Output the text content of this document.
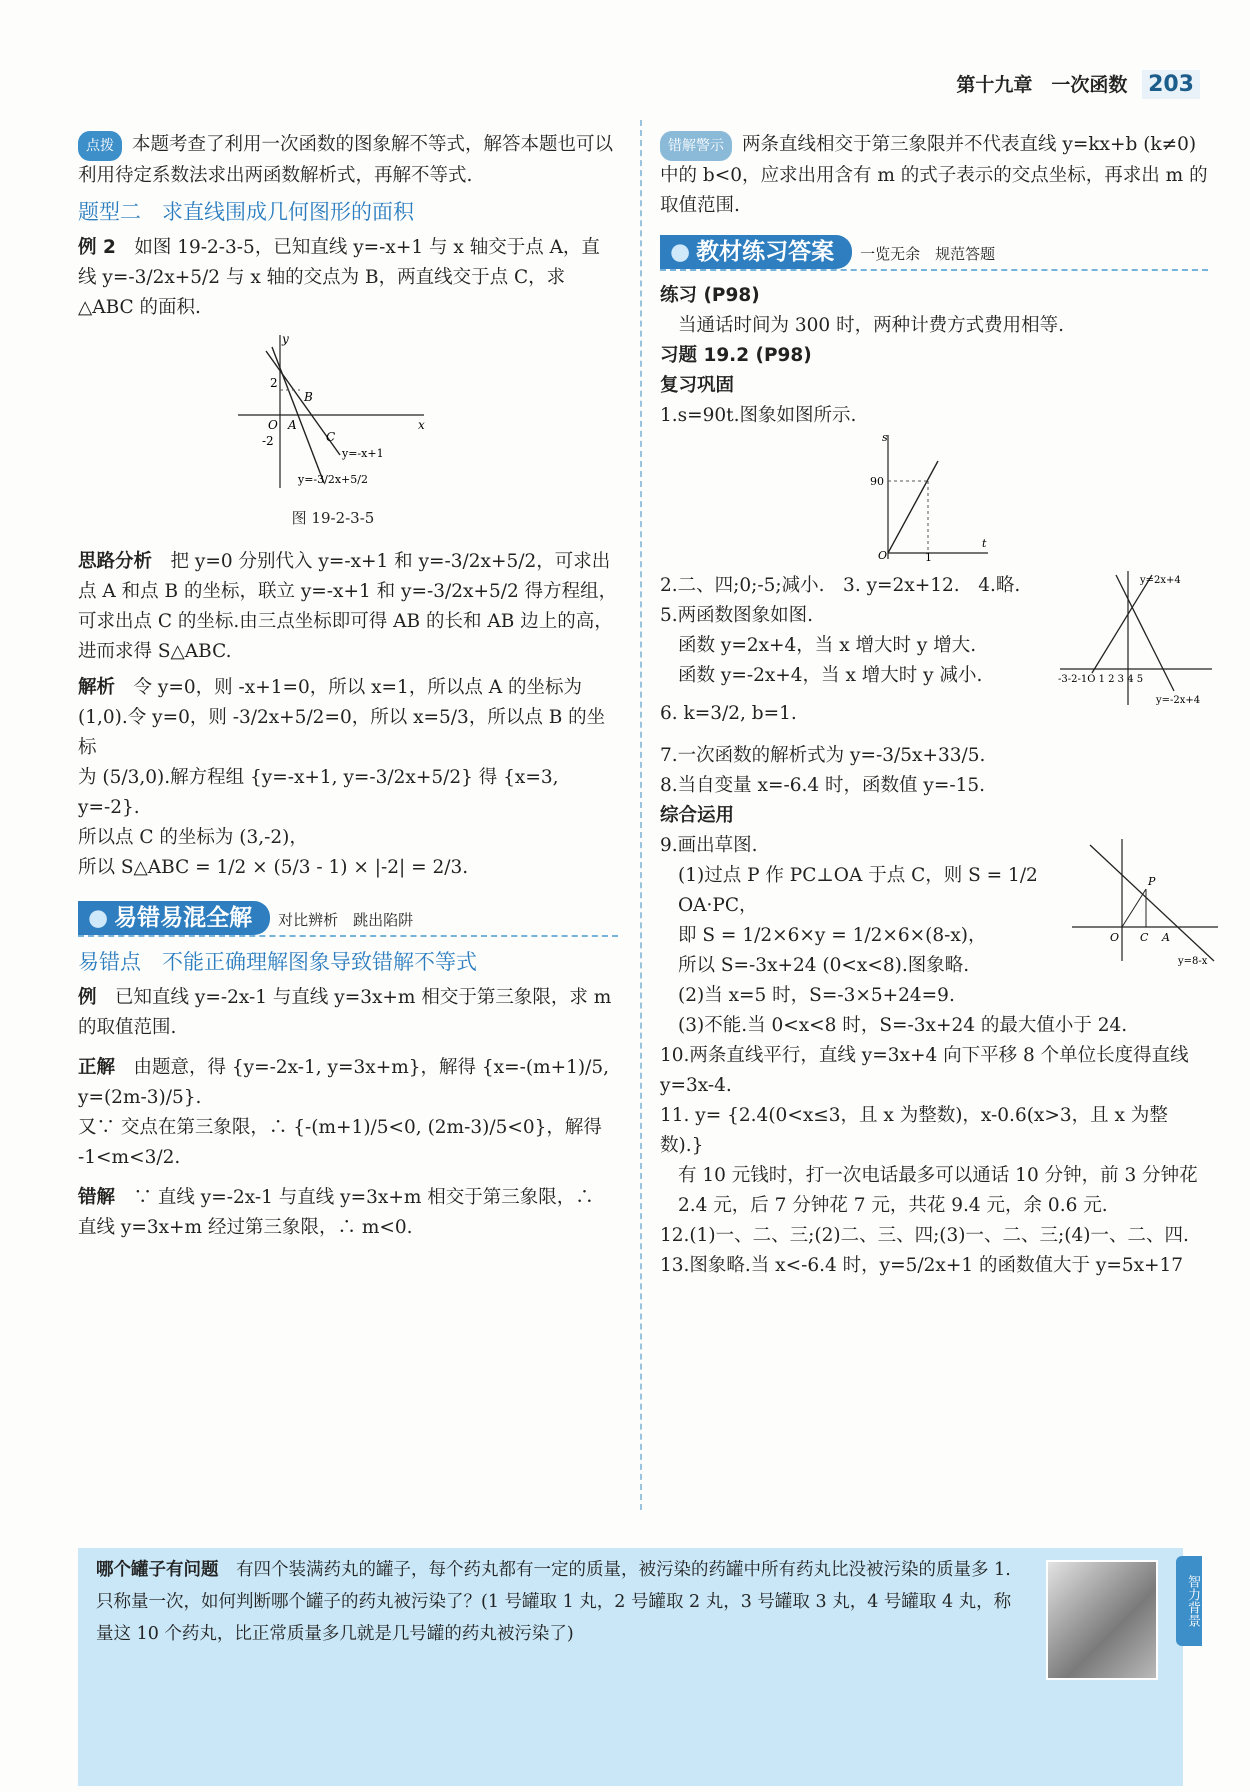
第十九章　一次函数 203

点拨 本题考查了利用一次函数的图象解不等式，解答本题也可以利用待定系数法求出两函数解析式，再解不等式.

题型二　求直线围成几何图形的面积

例 2　 如图 19-2-3-5，已知直线 y=-x+1 与 x 轴交于点 A，直线 y=-3/2x+5/2 与 x 轴的交点为 B，两直线交于点 C，求 △ABC 的面积.

y
x
O
2
-2
A
B
C
y=-x+1
y=-3/2x+5/2
图 19-2-3-5

思路分析　 把 y=0 分别代入 y=-x+1 和 y=-3/2x+5/2，可求出点 A 和点 B 的坐标，联立 y=-x+1 和 y=-3/2x+5/2 得方程组，可求出点 C 的坐标.由三点坐标即可得 AB 的长和 AB 边上的高，进而求得 S△ABC.

解析　 令 y=0，则 -x+1=0，所以 x=1，所以点 A 的坐标为

(1,0).令 y=0，则 -3/2x+5/2=0，所以 x=5/3，所以点 B 的坐标

为 (5/3,0).解方程组 {y=-x+1, y=-3/2x+5/2} 得 {x=3, y=-2}.

所以点 C 的坐标为 (3,-2)，

所以 S△ABC = 1/2 × (5/3 - 1) × |-2| = 2/3.

● 易错易混全解 对比辨析　跳出陷阱
易错点　不能正确理解图象导致错解不等式

例　 已知直线 y=-2x-1 与直线 y=3x+m 相交于第三象限，求 m 的取值范围.

正解　 由题意，得 {y=-2x-1, y=3x+m}，解得 {x=-(m+1)/5, y=(2m-3)/5}.

又∵ 交点在第三象限，∴ {-(m+1)/5<0, (2m-3)/5<0}，解得 -1<m<3/2.

错解　 ∵ 直线 y=-2x-1 与直线 y=3x+m 相交于第三象限，∴ 直线 y=3x+m 经过第三象限，∴ m<0.

错解警示 两条直线相交于第三象限并不代表直线 y=kx+b (k≠0) 中的 b<0，应求出用含有 m 的式子表示的交点坐标，再求出 m 的取值范围.

● 教材练习答案 一览无余　规范答题

练习 (P98)

当通话时间为 300 时，两种计费方式费用相等.

习题 19.2 (P98)

复习巩固

1.s=90t.图象如图所示.

s
t
90
O	1
y=2x+4
y=-2x+4
-3-2-1O 1 2 3 4 5

2.二、四;0;-5;减小.　 3. y=2x+12.　 4.略.

5.两函数图象如图.

函数 y=2x+4，当 x 增大时 y 增大.

函数 y=-2x+4，当 x 增大时 y 减小.

6. k=3/2, b=1.

7.一次函数的解析式为 y=-3/5x+33/5.

8.当自变量 x=-6.4 时，函数值 y=-15.

综合运用

P
C A
O
y=8-x

9.画出草图.

(1)过点 P 作 PC⊥OA 于点 C，则 S = 1/2 OA·PC，

即 S = 1/2×6×y = 1/2×6×(8-x)，

所以 S=-3x+24 (0<x<8).图象略.

(2)当 x=5 时，S=-3×5+24=9.

(3)不能.当 0<x<8 时，S=-3x+24 的最大值小于 24.

10.两条直线平行，直线 y=3x+4 向下平移 8 个单位长度得直线 y=3x-4.

11. y= {2.4(0<x≤3，且 x 为整数)，x-0.6(x>3，且 x 为整数).}

有 10 元钱时，打一次电话最多可以通话 10 分钟，前 3 分钟花 2.4 元，后 7 分钟花 7 元，共花 9.4 元，余 0.6 元.

12.(1)一、二、三;(2)二、三、四;(3)一、二、三;(4)一、二、四.

13.图象略.当 x<-6.4 时，y=5/2x+1 的函数值大于 y=5x+17

哪个罐子有问题　 有四个装满药丸的罐子，每个药丸都有一定的质量，被污染的药罐中所有药丸比没被污染的质量多 1.只称量一次，如何判断哪个罐子的药丸被污染了？(1 号罐取 1 丸，2 号罐取 2 丸，3 号罐取 3 丸，4 号罐取 4 丸，称量这 10 个药丸，比正常质量多几就是几号罐的药丸被污染了)
智力背景
